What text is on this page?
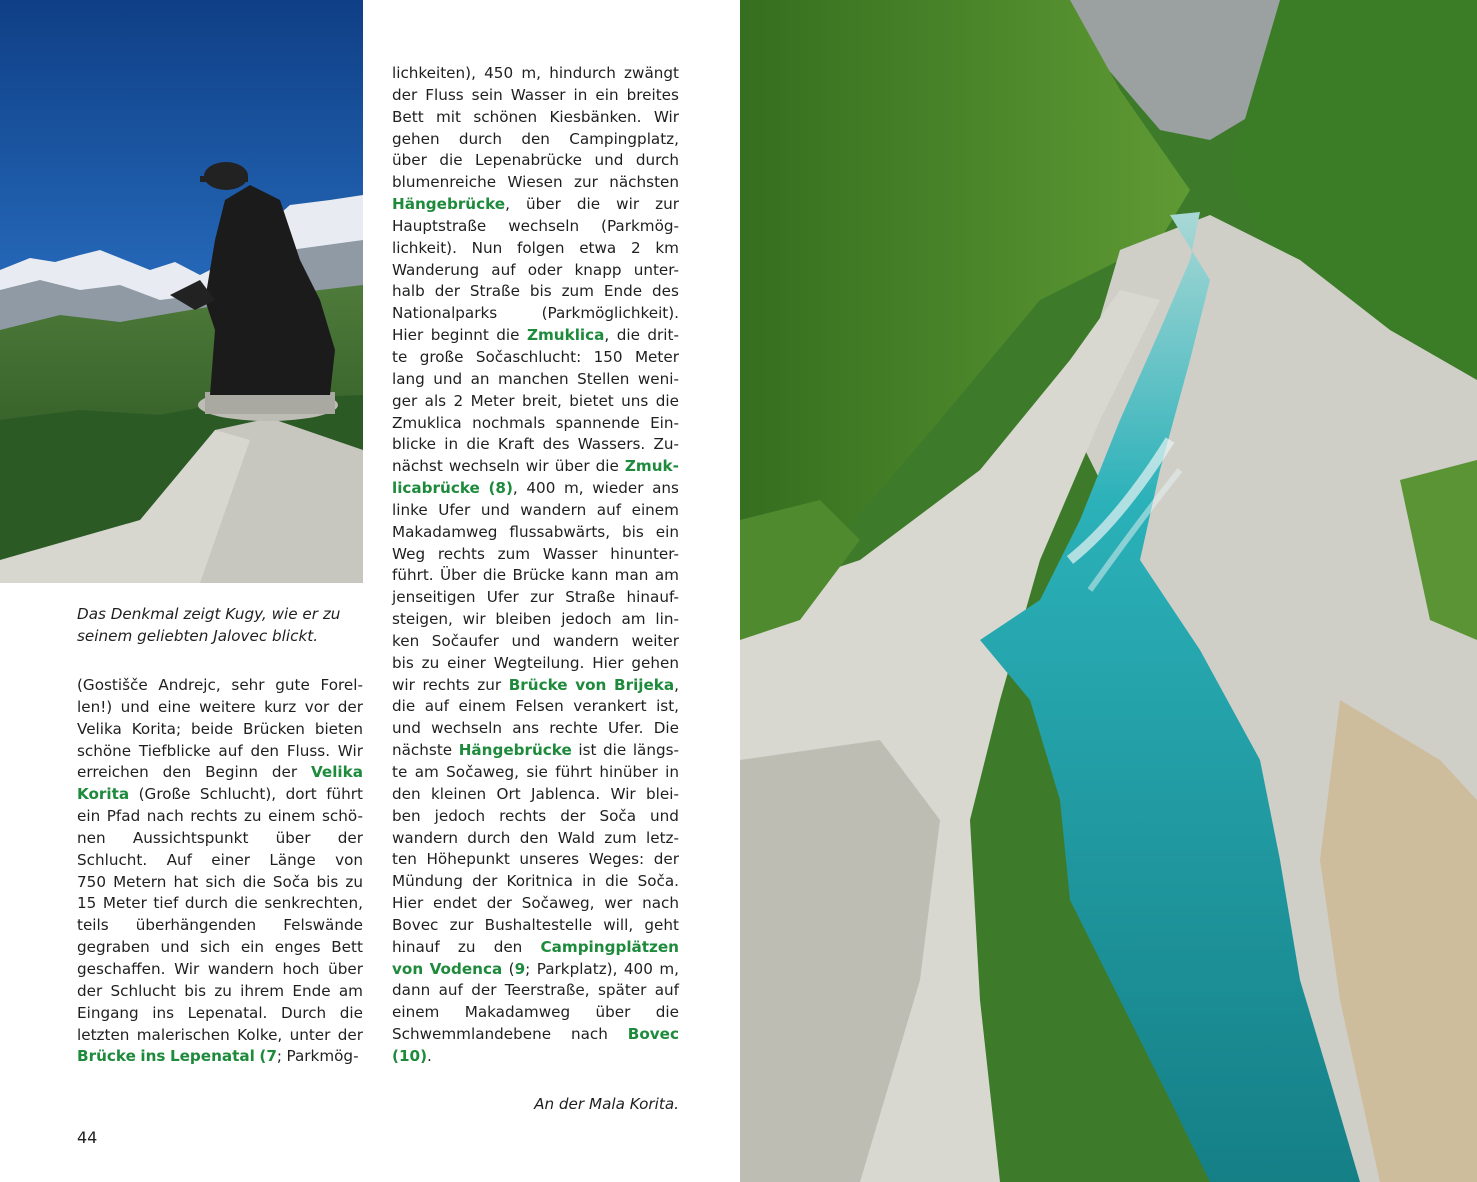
Das Denkmal zeigt Kugy, wie er zu
seinem geliebten Jalovec blickt.

(Gostišče Andrejc, sehr gute Forel-
len!) und eine weitere kurz vor der
Velika Korita; beide Brücken bieten
schöne Tiefblicke auf den Fluss. Wir
erreichen den Beginn der Velika
Korita (Große Schlucht), dort führt
ein Pfad nach rechts zu einem schö-
nen Aussichtspunkt über der
Schlucht. Auf einer Länge von
750 Metern hat sich die Soča bis zu
15 Meter tief durch die senkrechten,
teils überhängenden Felswände
gegraben und sich ein enges Bett
geschaffen. Wir wandern hoch über
der Schlucht bis zu ihrem Ende am
Eingang ins Lepenatal. Durch die
letzten malerischen Kolke, unter der
Brücke ins Lepenatal (7; Parkmög-
lichkeiten), 450 m, hindurch zwängt
der Fluss sein Wasser in ein breites
Bett mit schönen Kiesbänken. Wir
gehen durch den Campingplatz,
über die Lepenabrücke und durch
blumenreiche Wiesen zur nächsten
Hängebrücke, über die wir zur
Hauptstraße wechseln (Parkmög-
lichkeit). Nun folgen etwa 2 km
Wanderung auf oder knapp unter-
halb der Straße bis zum Ende des
Nationalparks	(Parkmöglichkeit).
Hier beginnt die Zmuklica, die drit-
te große Sočaschlucht: 150 Meter
lang und an manchen Stellen weni-
ger als 2 Meter breit, bietet uns die
Zmuklica nochmals spannende Ein-
blicke in die Kraft des Wassers. Zu-
nächst wechseln wir über die Zmuk-
licabrücke (8), 400 m, wieder ans
linke Ufer und wandern auf einem
Makadamweg flussabwärts, bis ein
Weg rechts zum Wasser hinunter-
führt. Über die Brücke kann man am
jenseitigen Ufer zur Straße hinauf-
steigen, wir bleiben jedoch am lin-
ken Sočaufer und wandern weiter
bis zu einer Wegteilung. Hier gehen
wir rechts zur Brücke von Brijeka,
die auf einem Felsen verankert ist,
und wechseln ans rechte Ufer. Die
nächste Hängebrücke ist die längs-
te am Sočaweg, sie führt hinüber in
den kleinen Ort Jablenca. Wir blei-
ben jedoch rechts der Soča und
wandern durch den Wald zum letz-
ten Höhepunkt unseres Weges: der
Mündung der Koritnica in die Soča.
Hier endet der Sočaweg, wer nach
Bovec zur Bushaltestelle will, geht
hinauf zu den Campingplätzen
von Vodenca (9; Parkplatz), 400 m,
dann auf der Teerstraße, später auf
einem Makadamweg über die
Schwemmlandebene nach Bovec
(10).

An der Mala Korita.

44
